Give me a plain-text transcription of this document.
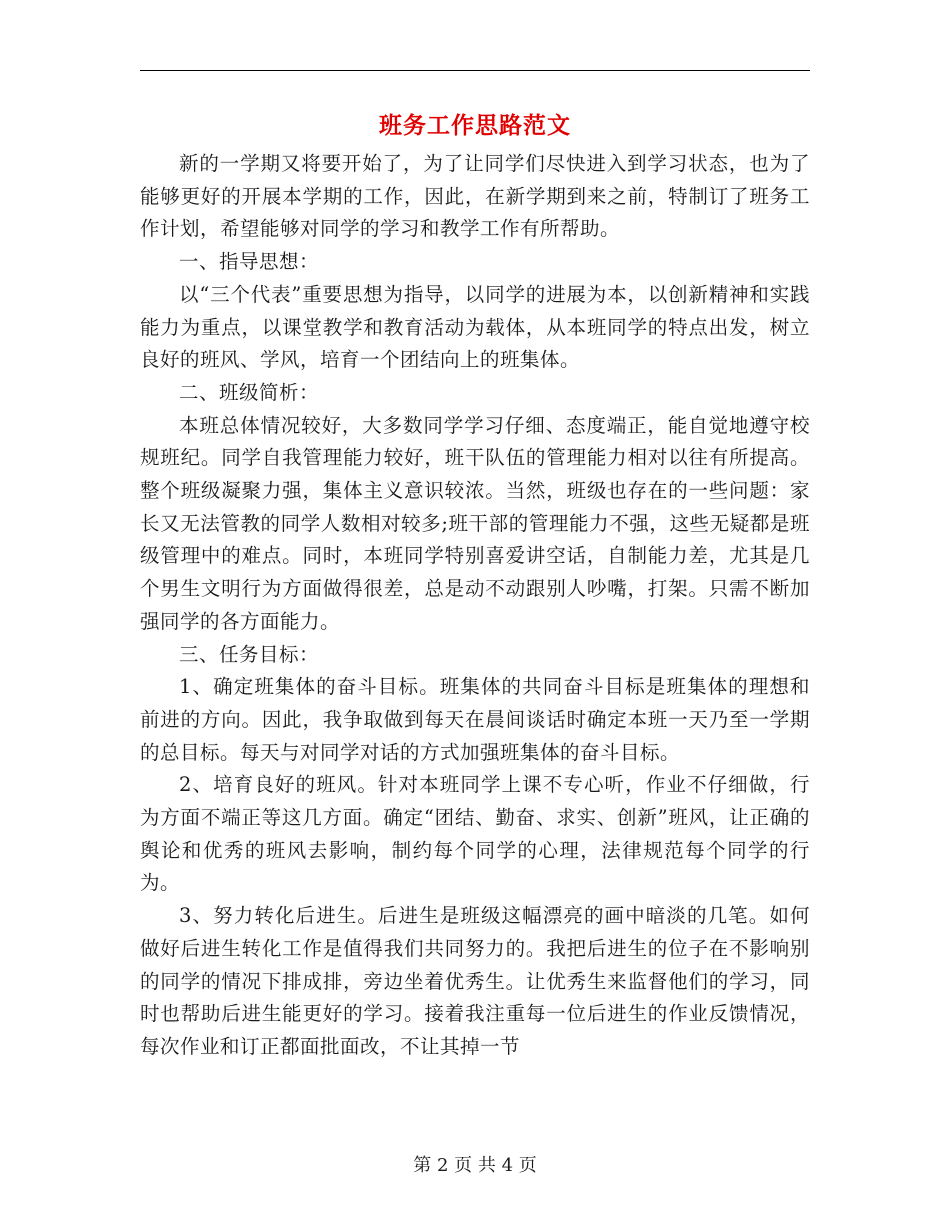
班务工作思路范文

新的一学期又将要开始了，为了让同学们尽快进入到学习状态，也为了能够更好的开展本学期的工作，因此，在新学期到来之前，特制订了班务工作计划，希望能够对同学的学习和教学工作有所帮助。

一、指导思想：

以“三个代表”重要思想为指导，以同学的进展为本，以创新精神和实践能力为重点，以课堂教学和教育活动为载体，从本班同学的特点出发，树立良好的班风、学风，培育一个团结向上的班集体。

二、班级简析：

本班总体情况较好，大多数同学学习仔细、态度端正，能自觉地遵守校规班纪。同学自我管理能力较好，班干队伍的管理能力相对以往有所提高。整个班级凝聚力强，集体主义意识较浓。当然，班级也存在的一些问题：家长又无法管教的同学人数相对较多;班干部的管理能力不强，这些无疑都是班级管理中的难点。同时，本班同学特别喜爱讲空话，自制能力差，尤其是几个男生文明行为方面做得很差，总是动不动跟别人吵嘴，打架。只需不断加强同学的各方面能力。

三、任务目标：

1、确定班集体的奋斗目标。班集体的共同奋斗目标是班集体的理想和前进的方向。因此，我争取做到每天在晨间谈话时确定本班一天乃至一学期的总目标。每天与对同学对话的方式加强班集体的奋斗目标。

2、培育良好的班风。针对本班同学上课不专心听，作业不仔细做，行为方面不端正等这几方面。确定“团结、勤奋、求实、创新”班风，让正确的舆论和优秀的班风去影响，制约每个同学的心理，法律规范每个同学的行为。

3、努力转化后进生。后进生是班级这幅漂亮的画中暗淡的几笔。如何做好后进生转化工作是值得我们共同努力的。我把后进生的位子在不影响别的同学的情况下排成排，旁边坐着优秀生。让优秀生来监督他们的学习，同时也帮助后进生能更好的学习。接着我注重每一位后进生的作业反馈情况，每次作业和订正都面批面改，不让其掉一节

第 2 页 共 4 页
